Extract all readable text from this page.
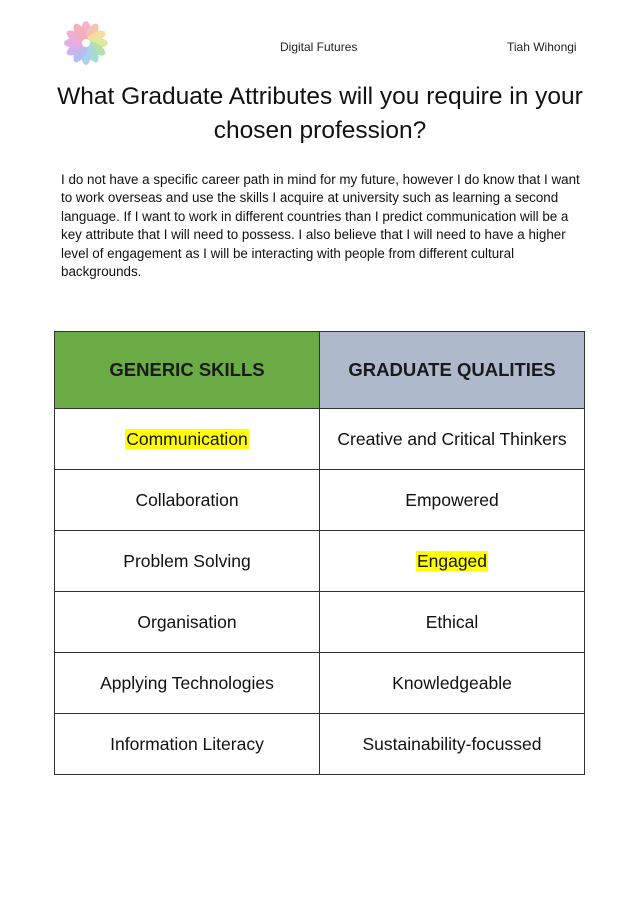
Digital Futures	Tiah Wihongi
What Graduate Attributes will you require in your chosen profession?

I do not have a specific career path in mind for my future, however I do know that I want to work overseas and use the skills I acquire at university such as learning a second language. If I want to work in different countries than I predict communication will be a key attribute that I will need to possess. I also believe that I will need to have a higher level of engagement as I will be interacting with people from different cultural backgrounds.

GENERIC SKILLS	GRADUATE QUALITIES
Communication	Creative and Critical Thinkers
Collaboration	Empowered
Problem Solving	Engaged
Organisation	Ethical
Applying Technologies	Knowledgeable
Information Literacy	Sustainability-focussed
